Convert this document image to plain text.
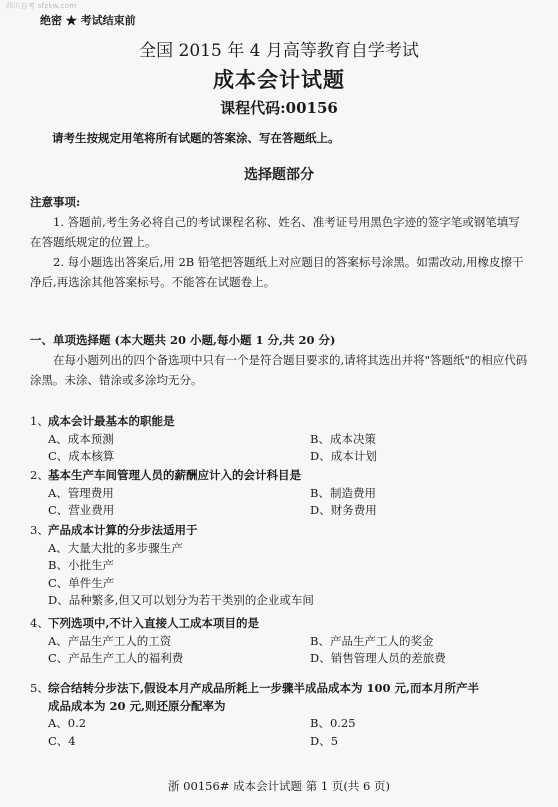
四川自考 sfzkw.com
绝密 ★ 考试结束前
全国 2015 年 4 月高等教育自学考试
成本会计试题
课程代码:00156
请考生按规定用笔将所有试题的答案涂、写在答题纸上。
选择题部分
注意事项:

1. 答题前,考生务必将自己的考试课程名称、姓名、准考证号用黑色字迹的签字笔或钢笔填写在答题纸规定的位置上。

2. 每小题选出答案后,用 2B 铅笔把答题纸上对应题目的答案标号涂黑。如需改动,用橡皮擦干净后,再选涂其他答案标号。不能答在试题卷上。

一、单项选择题 (本大题共 20 小题,每小题 1 分,共 20 分)

在每小题列出的四个备选项中只有一个是符合题目要求的,请将其选出并将"答题纸"的相应代码涂黑。未涂、错涂或多涂均无分。

1、 成本会计最基本的职能是
A、成本预测	B、成本决策
C、成本核算	D、成本计划
2、 基本生产车间管理人员的薪酬应计入的会计科目是
A、管理费用	B、制造费用
C、营业费用	D、财务费用
3、 产品成本计算的分步法适用于
A、大量大批的多步骤生产
B、小批生产
C、单件生产
D、品种繁多,但又可以划分为若干类别的企业或车间
4、 下列选项中,不计入直接人工成本项目的是
A、产品生产工人的工资	B、产品生产工人的奖金
C、产品生产工人的福利费	D、销售管理人员的差旅费
5、 综合结转分步法下,假设本月产成品所耗上一步骤半成品成本为 100 元,而本月所产半
成品成本为 20 元,则还原分配率为
A、0.2	B、0.25
C、4	D、5
浙 00156# 成本会计试题 第 1 页(共 6 页)
